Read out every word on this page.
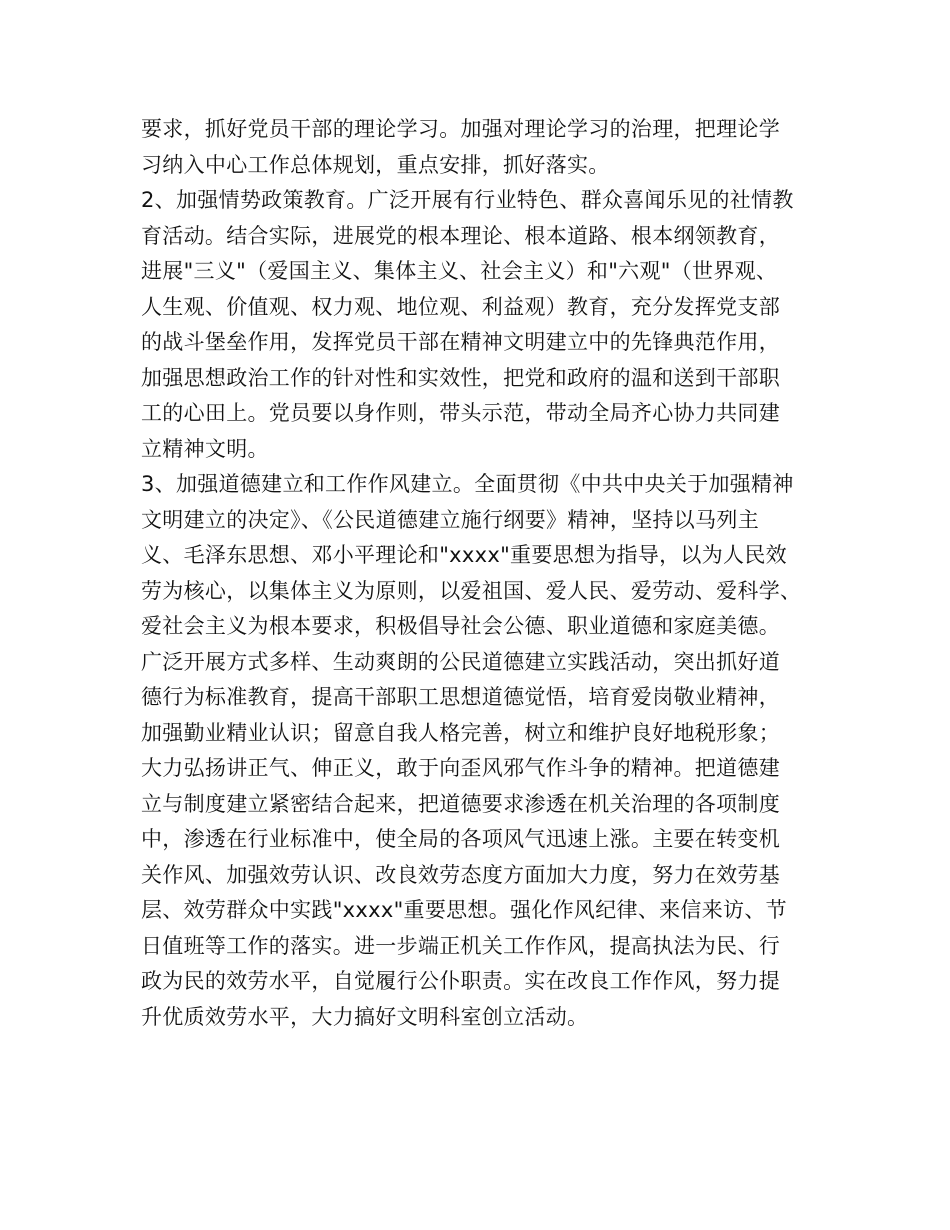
要求，抓好党员干部的理论学习。加强对理论学习的治理，把理论学
习纳入中心工作总体规划，重点安排，抓好落实。
2、加强情势政策教育。广泛开展有行业特色、群众喜闻乐见的社情教
育活动。结合实际，进展党的根本理论、根本道路、根本纲领教育，
进展"三义"（爱国主义、集体主义、社会主义）和"六观"（世界观、
人生观、价值观、权力观、地位观、利益观）教育，充分发挥党支部
的战斗堡垒作用，发挥党员干部在精神文明建立中的先锋典范作用，
加强思想政治工作的针对性和实效性，把党和政府的温和送到干部职
工的心田上。党员要以身作则，带头示范，带动全局齐心协力共同建
立精神文明。
3、加强道德建立和工作作风建立。全面贯彻《中共中央关于加强精神
文明建立的决定》、《公民道德建立施行纲要》精神，坚持以马列主
义、毛泽东思想、邓小平理论和"xxxx"重要思想为指导，以为人民效
劳为核心，以集体主义为原则，以爱祖国、爱人民、爱劳动、爱科学、
爱社会主义为根本要求，积极倡导社会公德、职业道德和家庭美德。
广泛开展方式多样、生动爽朗的公民道德建立实践活动，突出抓好道
德行为标准教育，提高干部职工思想道德觉悟，培育爱岗敬业精神，
加强勤业精业认识；留意自我人格完善，树立和维护良好地税形象；
大力弘扬讲正气、伸正义，敢于向歪风邪气作斗争的精神。把道德建
立与制度建立紧密结合起来，把道德要求渗透在机关治理的各项制度
中，渗透在行业标准中，使全局的各项风气迅速上涨。主要在转变机
关作风、加强效劳认识、改良效劳态度方面加大力度，努力在效劳基
层、效劳群众中实践"xxxx"重要思想。强化作风纪律、来信来访、节
日值班等工作的落实。进一步端正机关工作作风，提高执法为民、行
政为民的效劳水平，自觉履行公仆职责。实在改良工作作风，努力提
升优质效劳水平，大力搞好文明科室创立活动。
